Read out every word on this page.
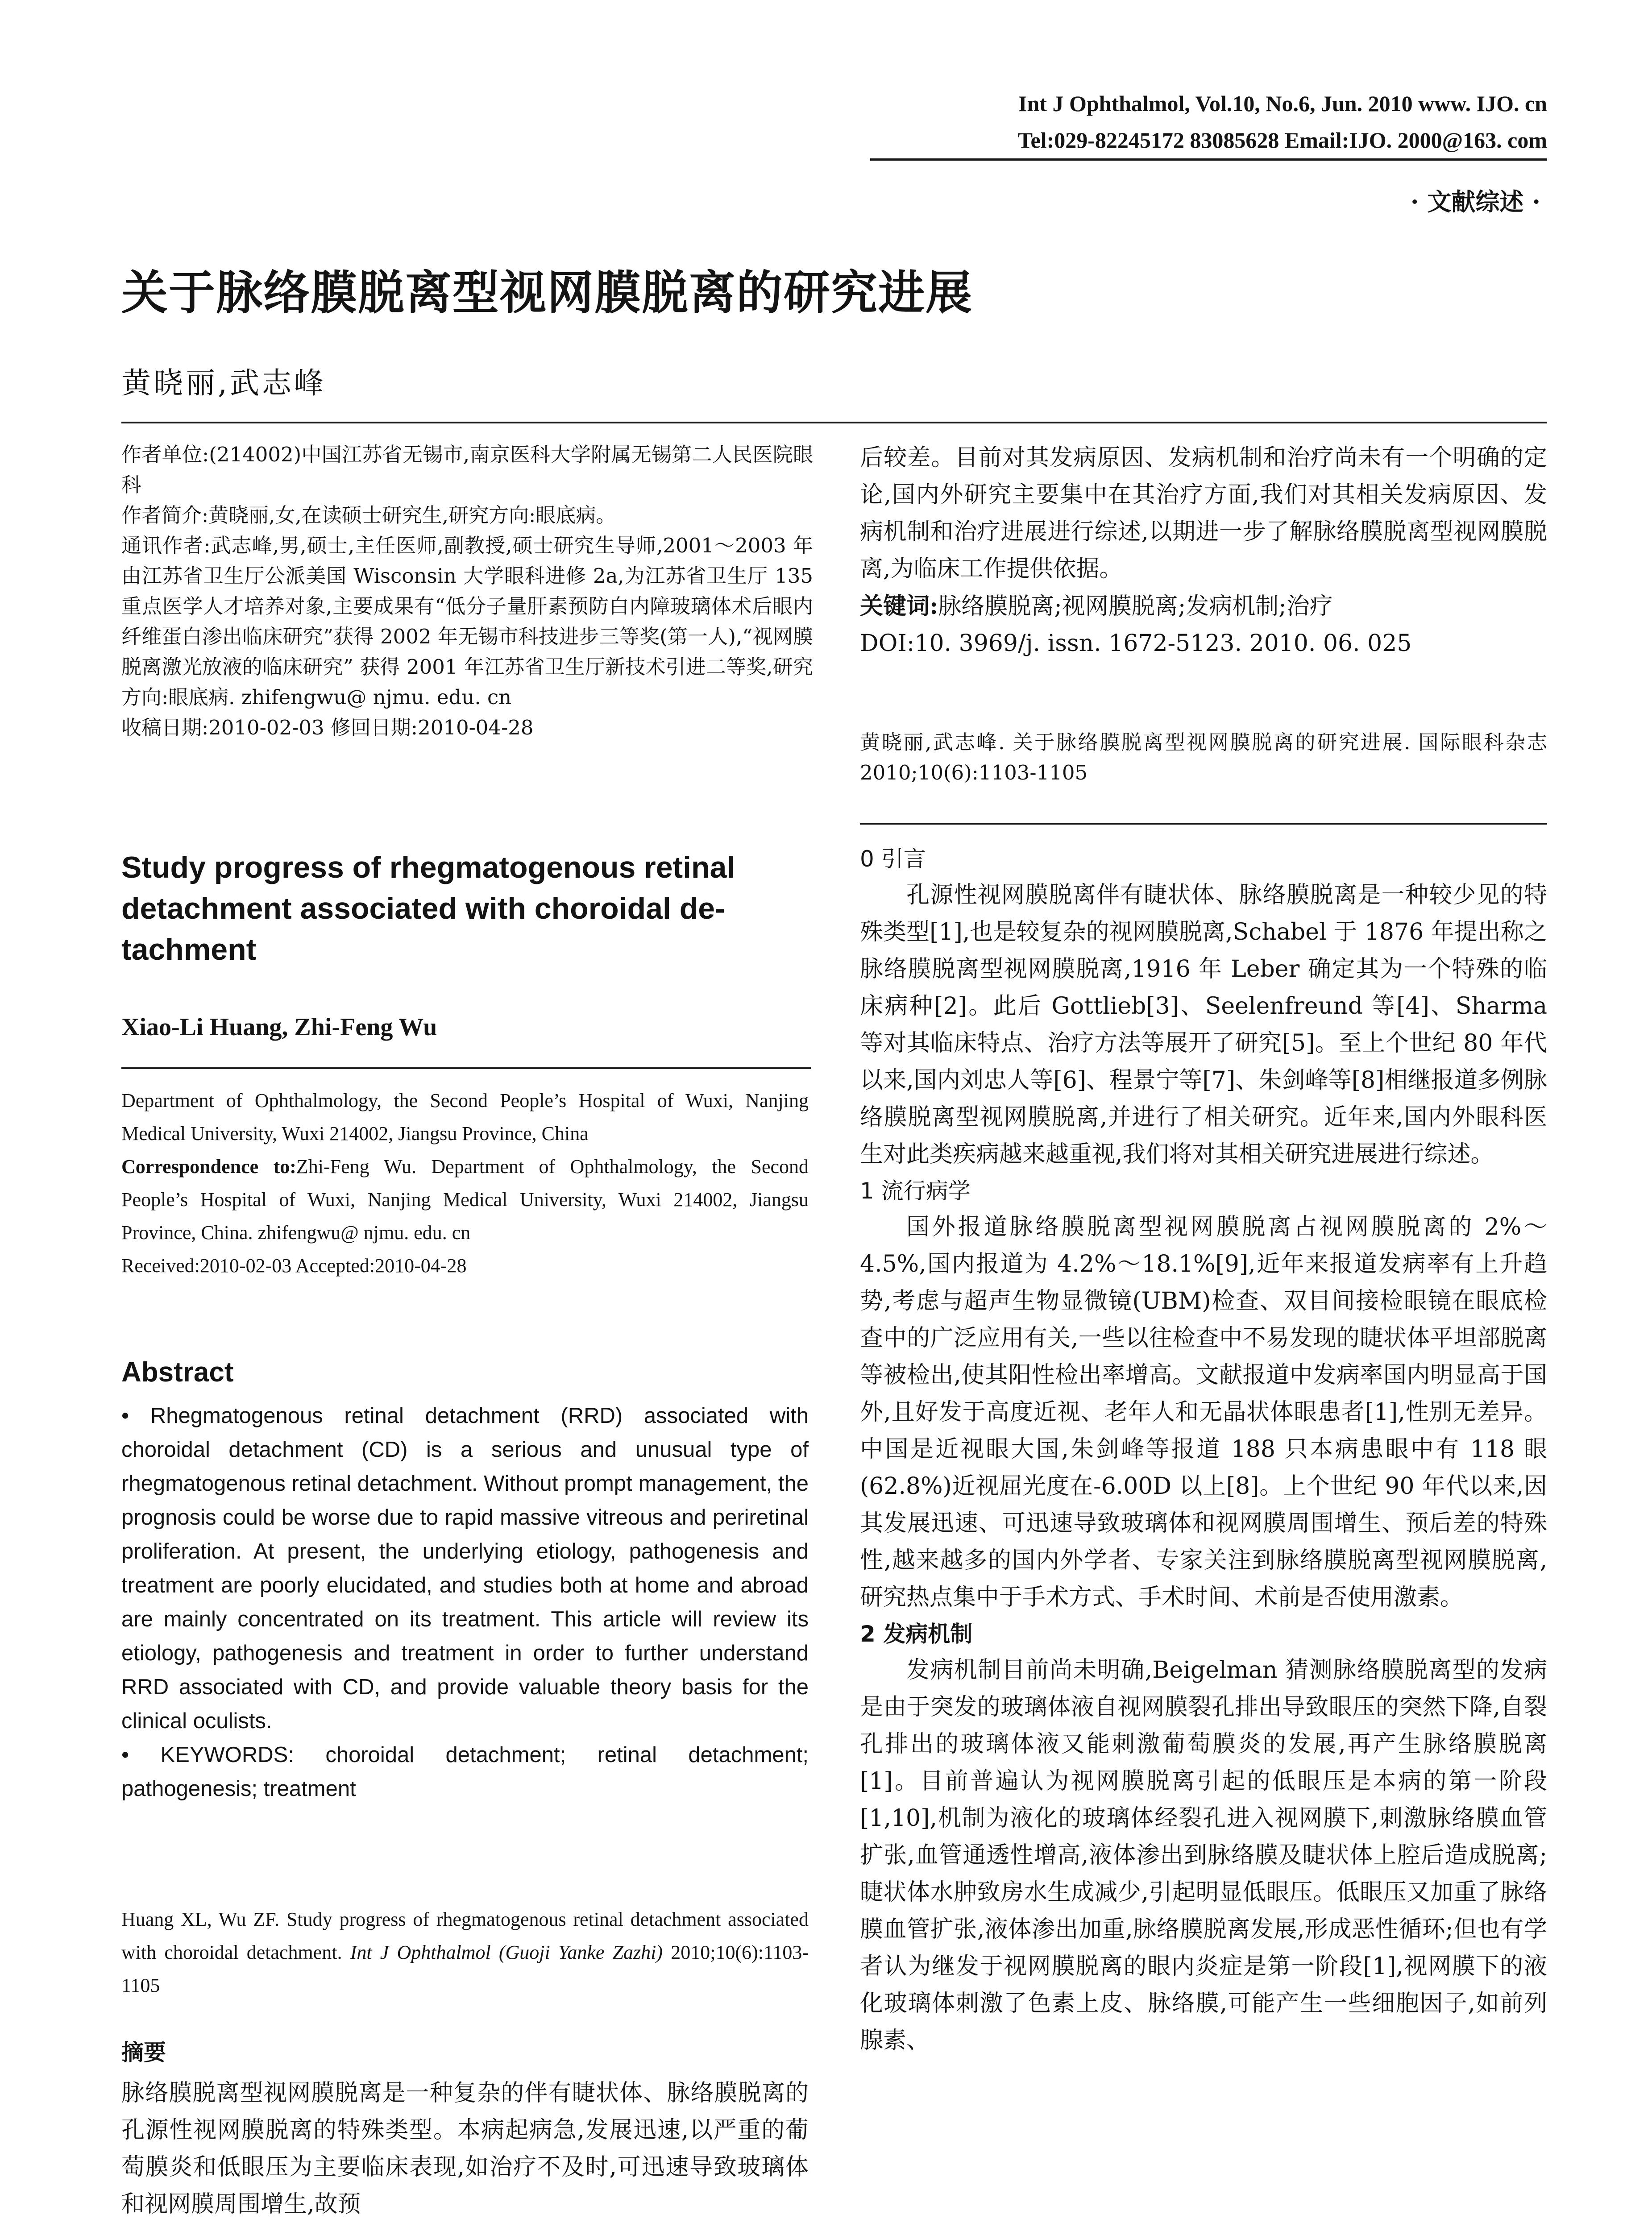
Int J Ophthalmol, Vol.10, No.6, Jun. 2010 www. IJO. cn
Tel:029-82245172 83085628 Email:IJO. 2000@163. com
· 文献综述 ·
关于脉络膜脱离型视网膜脱离的研究进展
黄晓丽,武志峰

作者单位:(214002)中国江苏省无锡市,南京医科大学附属无锡第二人民医院眼科

作者简介:黄晓丽,女,在读硕士研究生,研究方向:眼底病。

通讯作者:武志峰,男,硕士,主任医师,副教授,硕士研究生导师,2001～2003 年由江苏省卫生厅公派美国 Wisconsin 大学眼科进修 2a,为江苏省卫生厅 135 重点医学人才培养对象,主要成果有“低分子量肝素预防白内障玻璃体术后眼内纤维蛋白渗出临床研究”获得 2002 年无锡市科技进步三等奖(第一人),“视网膜脱离激光放液的临床研究” 获得 2001 年江苏省卫生厅新技术引进二等奖,研究方向:眼底病. zhifengwu@ njmu. edu. cn

收稿日期:2010-02-03 修回日期:2010-04-28

Study progress of rhegmatogenous retinal detachment associated with choroidal de-tachment
Xiao-Li Huang, Zhi-Feng Wu

Department of Ophthalmology, the Second People’s Hospital of Wuxi, Nanjing Medical University, Wuxi 214002, Jiangsu Province, China

Correspondence to:Zhi-Feng Wu. Department of Ophthalmology, the Second People’s Hospital of Wuxi, Nanjing Medical University, Wuxi 214002, Jiangsu Province, China. zhifengwu@ njmu. edu. cn

Received:2010-02-03 Accepted:2010-04-28

Abstract

• Rhegmatogenous retinal detachment (RRD) associated with choroidal detachment (CD) is a serious and unusual type of rhegmatogenous retinal detachment. Without prompt management, the prognosis could be worse due to rapid massive vitreous and periretinal proliferation. At present, the underlying etiology, pathogenesis and treatment are poorly elucidated, and studies both at home and abroad are mainly concentrated on its treatment. This article will review its etiology, pathogenesis and treatment in order to further understand RRD associated with CD, and provide valuable theory basis for the clinical oculists.

• KEYWORDS: choroidal detachment; retinal detachment; pathogenesis; treatment

Huang XL, Wu ZF. Study progress of rhegmatogenous retinal detachment associated with choroidal detachment. Int J Ophthalmol (Guoji Yanke Zazhi) 2010;10(6):1103-1105

摘要

脉络膜脱离型视网膜脱离是一种复杂的伴有睫状体、脉络膜脱离的孔源性视网膜脱离的特殊类型。本病起病急,发展迅速,以严重的葡萄膜炎和低眼压为主要临床表现,如治疗不及时,可迅速导致玻璃体和视网膜周围增生,故预

后较差。目前对其发病原因、发病机制和治疗尚未有一个明确的定论,国内外研究主要集中在其治疗方面,我们对其相关发病原因、发病机制和治疗进展进行综述,以期进一步了解脉络膜脱离型视网膜脱离,为临床工作提供依据。

关键词:脉络膜脱离;视网膜脱离;发病机制;治疗

DOI:10. 3969/j. issn. 1672-5123. 2010. 06. 025

黄晓丽,武志峰. 关于脉络膜脱离型视网膜脱离的研究进展. 国际眼科杂志 2010;10(6):1103-1105

0 引言

孔源性视网膜脱离伴有睫状体、脉络膜脱离是一种较少见的特殊类型[1],也是较复杂的视网膜脱离,Schabel 于 1876 年提出称之脉络膜脱离型视网膜脱离,1916 年 Leber 确定其为一个特殊的临床病种[2]。此后 Gottlieb[3]、Seelenfreund 等[4]、Sharma 等对其临床特点、治疗方法等展开了研究[5]。至上个世纪 80 年代以来,国内刘忠人等[6]、程景宁等[7]、朱剑峰等[8]相继报道多例脉络膜脱离型视网膜脱离,并进行了相关研究。近年来,国内外眼科医生对此类疾病越来越重视,我们将对其相关研究进展进行综述。

1 流行病学

国外报道脉络膜脱离型视网膜脱离占视网膜脱离的 2%～4.5%,国内报道为 4.2%～18.1%[9],近年来报道发病率有上升趋势,考虑与超声生物显微镜(UBM)检查、双目间接检眼镜在眼底检查中的广泛应用有关,一些以往检查中不易发现的睫状体平坦部脱离等被检出,使其阳性检出率增高。文献报道中发病率国内明显高于国外,且好发于高度近视、老年人和无晶状体眼患者[1],性别无差异。中国是近视眼大国,朱剑峰等报道 188 只本病患眼中有 118 眼(62.8%)近视屈光度在-6.00D 以上[8]。上个世纪 90 年代以来,因其发展迅速、可迅速导致玻璃体和视网膜周围增生、预后差的特殊性,越来越多的国内外学者、专家关注到脉络膜脱离型视网膜脱离,研究热点集中于手术方式、手术时间、术前是否使用激素。

2 发病机制

发病机制目前尚未明确,Beigelman 猜测脉络膜脱离型的发病是由于突发的玻璃体液自视网膜裂孔排出导致眼压的突然下降,自裂孔排出的玻璃体液又能刺激葡萄膜炎的发展,再产生脉络膜脱离[1]。目前普遍认为视网膜脱离引起的低眼压是本病的第一阶段[1,10],机制为液化的玻璃体经裂孔进入视网膜下,刺激脉络膜血管扩张,血管通透性增高,液体渗出到脉络膜及睫状体上腔后造成脱离;睫状体水肿致房水生成减少,引起明显低眼压。低眼压又加重了脉络膜血管扩张,液体渗出加重,脉络膜脱离发展,形成恶性循环;但也有学者认为继发于视网膜脱离的眼内炎症是第一阶段[1],视网膜下的液化玻璃体刺激了色素上皮、脉络膜,可能产生一些细胞因子,如前列腺素、
